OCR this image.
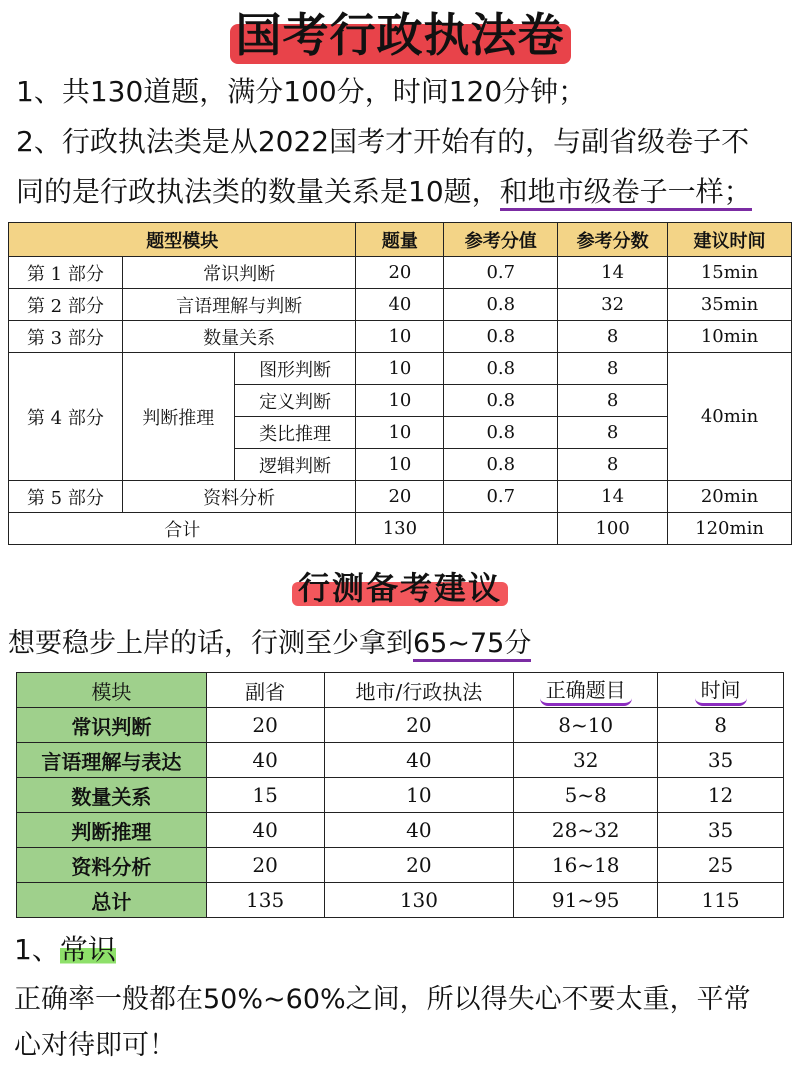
国考行政执法卷
1、共130道题，满分100分，时间120分钟；
2、行政执法类是从2022国考才开始有的，与副省级卷子不
同的是行政执法类的数量关系是10题，和地市级卷子一样；
题型模块			题量	参考分值	参考分数	建议时间
第 1 部分	常识判断		20	0.7	14	15min
第 2 部分	言语理解与判断		40	0.8	32	35min
第 3 部分	数量关系		10	0.8	8	10min
第 4 部分	判断推理	图形判断	10	0.8	8	40min
		定义判断	10	0.8	8	
		类比推理	10	0.8	8	
		逻辑判断	10	0.8	8	
第 5 部分	资料分析		20	0.7	14	20min
合计			130		100	120min
行测备考建议
想要稳步上岸的话，行测至少拿到65~75分
模块	副省	地市/行政执法	正确题目	时间
常识判断	20	20	8~10	8
言语理解与表达	40	40	32	35
数量关系	15	10	5~8	12
判断推理	40	40	28~32	35
资料分析	20	20	16~18	25
总计	135	130	91~95	115
1、常识
正确率一般都在50%~60%之间，所以得失心不要太重，平常
心对待即可！
